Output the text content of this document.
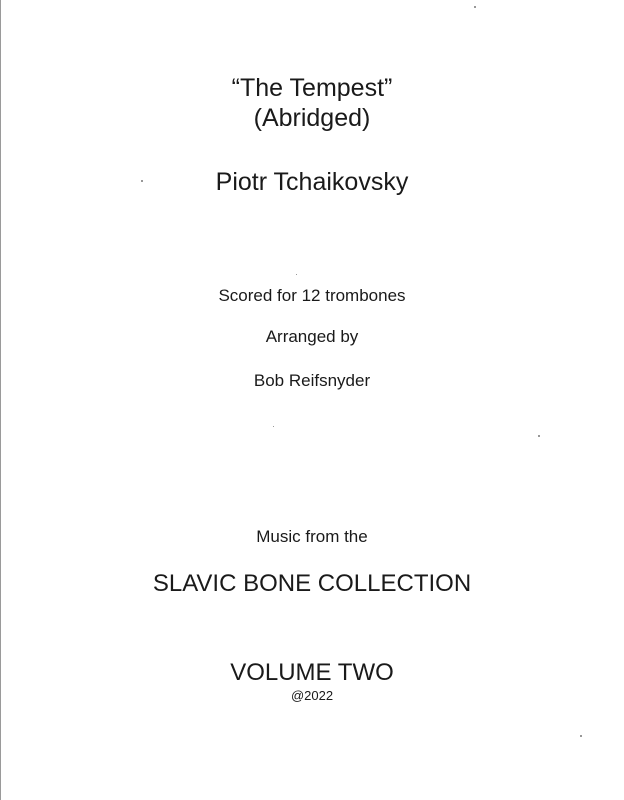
“The Tempest”
(Abridged)
Piotr Tchaikovsky
Scored for 12 trombones
Arranged by
Bob Reifsnyder
Music from the
SLAVIC BONE COLLECTION
VOLUME TWO
@2022
